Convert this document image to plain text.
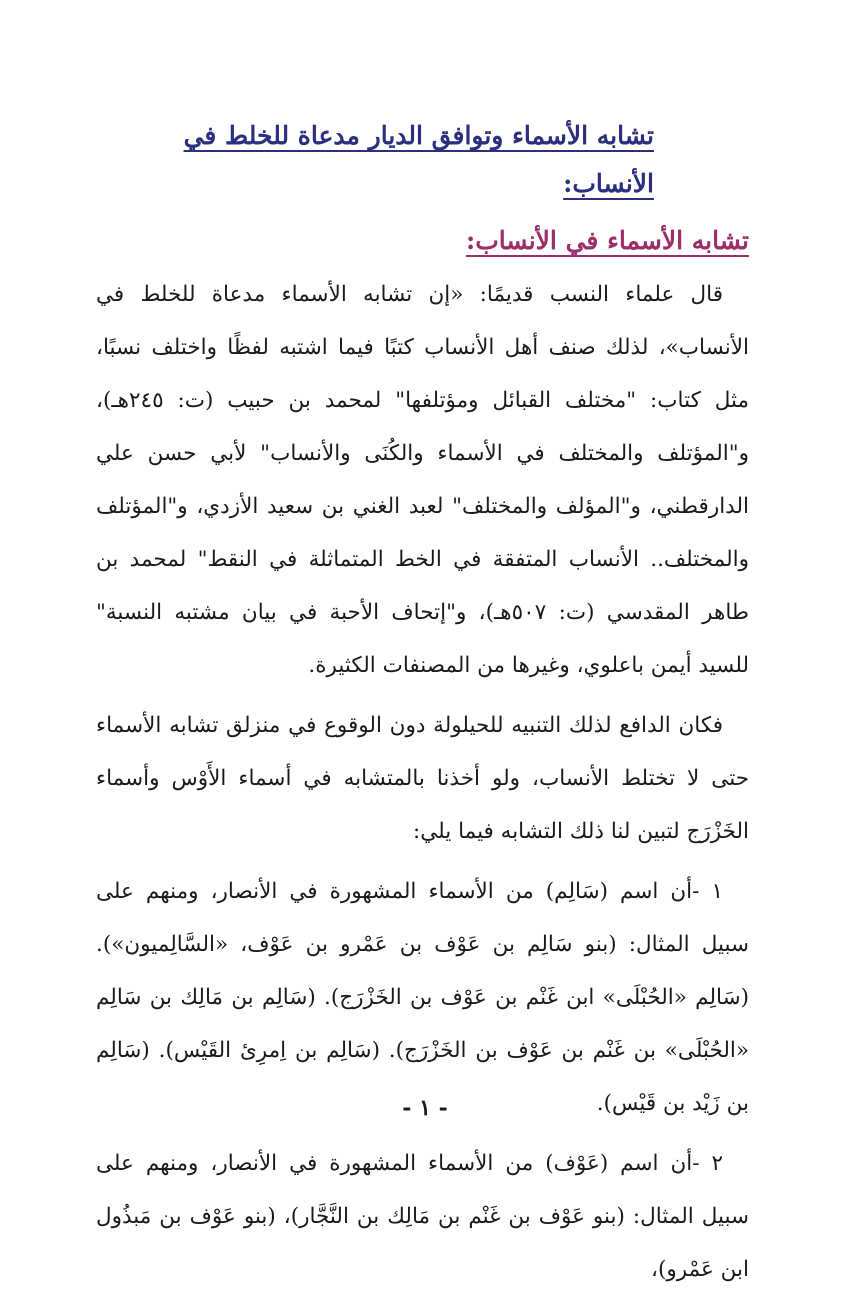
تشابه الأسماء وتوافق الديار مدعاة للخلط في الأنساب:
تشابه الأسماء في الأنساب:

قال علماء النسب قديمًا: «إن تشابه الأسماء مدعاة للخلط في الأنساب»، لذلك صنف أهل الأنساب كتبًا فيما اشتبه لفظًا واختلف نسبًا، مثل كتاب: "مختلف القبائل ومؤتلفها" لمحمد بن حبيب (ت: ٢٤٥هـ)، و"المؤتلف والمختلف في الأسماء والكُنَى والأنساب" لأبي حسن علي الدارقطني، و"المؤلف والمختلف" لعبد الغني بن سعيد الأزدي، و"المؤتلف والمختلف.. الأنساب المتفقة في الخط المتماثلة في النقط" لمحمد بن طاهر المقدسي (ت: ٥٠٧هـ)، و"إتحاف الأحبة في بيان مشتبه النسبة" للسيد أيمن باعلوي، وغيرها من المصنفات الكثيرة.

فكان الدافع لذلك التنبيه للحيلولة دون الوقوع في منزلق تشابه الأسماء حتى لا تختلط الأنساب، ولو أخذنا بالمتشابه في أسماء الأَوْس وأسماء الخَزْرَج لتبين لنا ذلك التشابه فيما يلي:

١ -أن اسم (سَالِم) من الأسماء المشهورة في الأنصار، ومنهم على سبيل المثال: (بنو سَالِم بن عَوْف بن عَمْرو بن عَوْف، «السَّالِميون»). (سَالِم «الحُبْلَى» ابن غَنْم بن عَوْف بن الخَزْرَج). (سَالِم بن مَالِك بن سَالِم «الحُبْلَى» بن غَنْم بن عَوْف بن الخَزْرَج). (سَالِم بن اِمرِئ القَيْس). (سَالِم بن زَيْد بن قَيْس).

٢ -أن اسم (عَوْف) من الأسماء المشهورة في الأنصار، ومنهم على سبيل المثال: (بنو عَوْف بن غَنْم بن مَالِك بن النَّجَّار)، (بنو عَوْف بن مَبذُول ابن عَمْرو)،

- ١ -
